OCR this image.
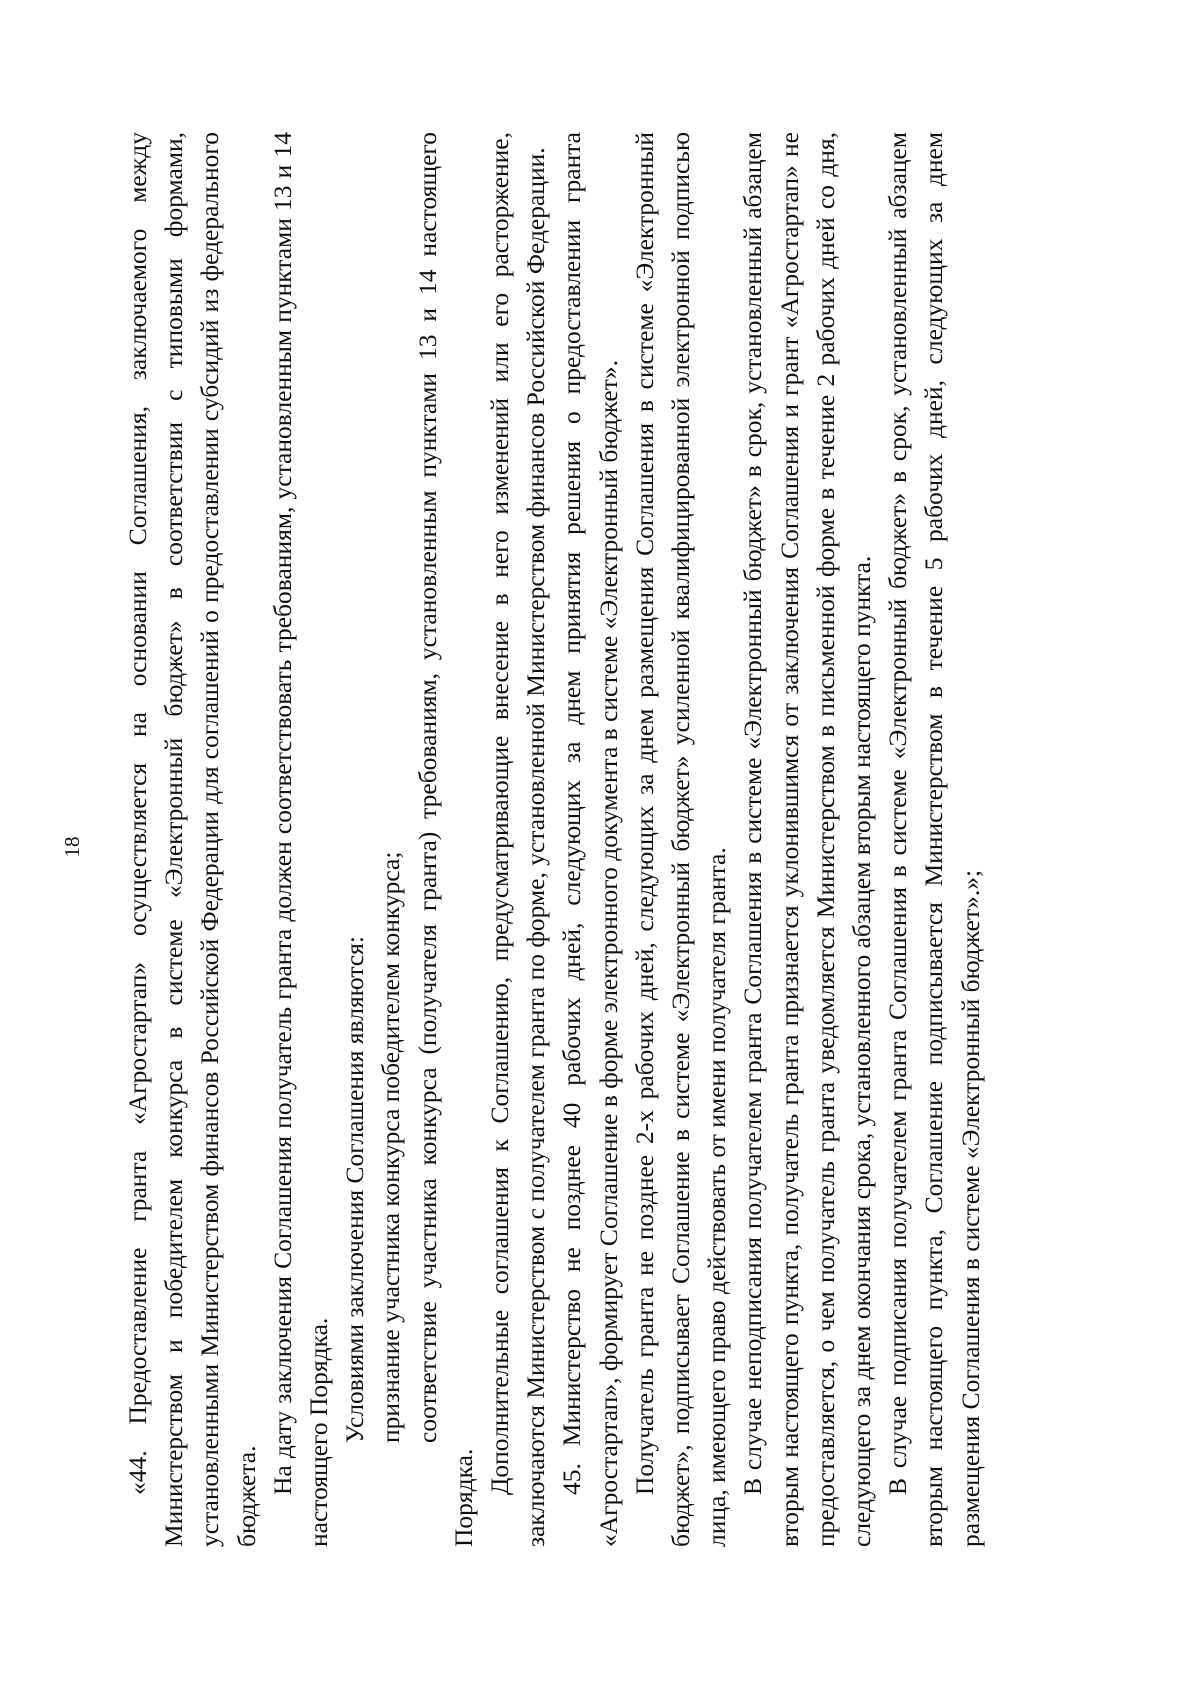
18 «44. Предоставление гранта «Агростартап» осуществляется на основании Соглашения, заключаемого между Министерством и победителем конкурса в системе «Электронный бюджет» в соответствии с типовыми формами, установленными Министерством финансов Российской Федерации для соглашений о предоставлении субсидий из федерального бюджета.

На дату заключения Соглашения получатель гранта должен соответствовать требованиям, установленным пунктами 13 и 14 настоящего Порядка. Условиями заключения Соглашения являются: признание участника конкурса победителем конкурса; соответствие участника конкурса (получателя гранта) требованиям, установленным пунктами 13 и 14 настоящего Порядка.

Дополнительные соглашения к Соглашению, предусматривающие внесение в него изменений или его расторжение, заключаются Министерством с получателем гранта по форме, установленной Министерством финансов Российской Федерации. 45. Министерство не позднее 40 рабочих дней, следующих за днем принятия решения о предоставлении гранта «Агростартап», формирует Соглашение в форме электронного документа в системе «Электронный бюджет». Получатель гранта не позднее 2-х рабочих дней, следующих за днем размещения Соглашения в системе «Электронный бюджет», подписывает Соглашение в системе «Электронный бюджет» усиленной квалифицированной электронной подписью лица, имеющего право действовать от имени получателя гранта. В случае неподписания получателем гранта Соглашения в системе «Электронный бюджет» в срок, установленный абзацем вторым настоящего пункта, получатель гранта признается уклонившимся от заключения Соглашения и грант «Агростартап» не предоставляется, о чем получатель гранта уведомляется Министерством в письменной форме в течение 2 рабочих дней со дня, следующего за днем окончания срока, установленного абзацем вторым настоящего пункта. В случае подписания получателем гранта Соглашения в системе «Электронный бюджет» в срок, установленный абзацем вторым настоящего пункта, Соглашение подписывается Министерством в течение 5 рабочих дней, следующих за днем размещения Соглашения в системе «Электронный бюджет».»;
